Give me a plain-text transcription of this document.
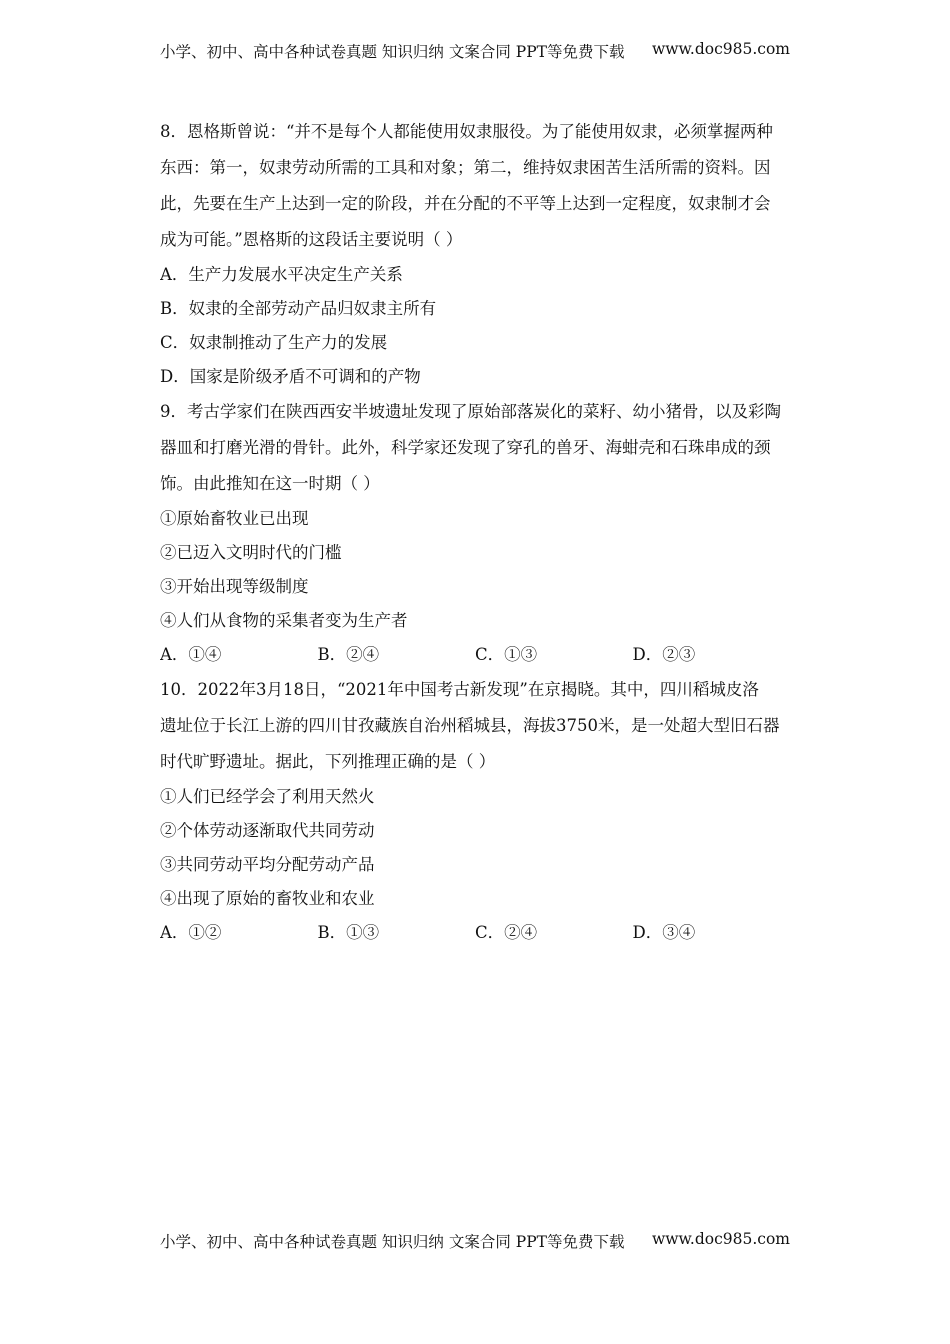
小学、初中、高中各种试卷真题 知识归纳 文案合同 PPT等免费下载 www.doc985.com
8．恩格斯曾说：“并不是每个人都能使用奴隶服役。为了能使用奴隶，必须掌握两种
东西：第一，奴隶劳动所需的工具和对象；第二，维持奴隶困苦生活所需的资料。因
此，先要在生产上达到一定的阶段，并在分配的不平等上达到一定程度，奴隶制才会
成为可能。”恩格斯的这段话主要说明（ ）
A．生产力发展水平决定生产关系
B．奴隶的全部劳动产品归奴隶主所有
C．奴隶制推动了生产力的发展
D．国家是阶级矛盾不可调和的产物
9．考古学家们在陕西西安半坡遗址发现了原始部落炭化的菜籽、幼小猪骨，以及彩陶
器皿和打磨光滑的骨针。此外，科学家还发现了穿孔的兽牙、海蚶壳和石珠串成的颈
饰。由此推知在这一时期（ ）
①原始畜牧业已出现
②已迈入文明时代的门槛
③开始出现等级制度
④人们从食物的采集者变为生产者
A．①④	B．②④	C．①③	D．②③
10．2022年3月18日，“2021年中国考古新发现”在京揭晓。其中，四川稻城皮洛
遗址位于长江上游的四川甘孜藏族自治州稻城县，海拔3750米，是一处超大型旧石器
时代旷野遗址。据此，下列推理正确的是（ ）
①人们已经学会了利用天然火
②个体劳动逐渐取代共同劳动
③共同劳动平均分配劳动产品
④出现了原始的畜牧业和农业
A．①②	B．①③	C．②④	D．③④
小学、初中、高中各种试卷真题 知识归纳 文案合同 PPT等免费下载 www.doc985.com
